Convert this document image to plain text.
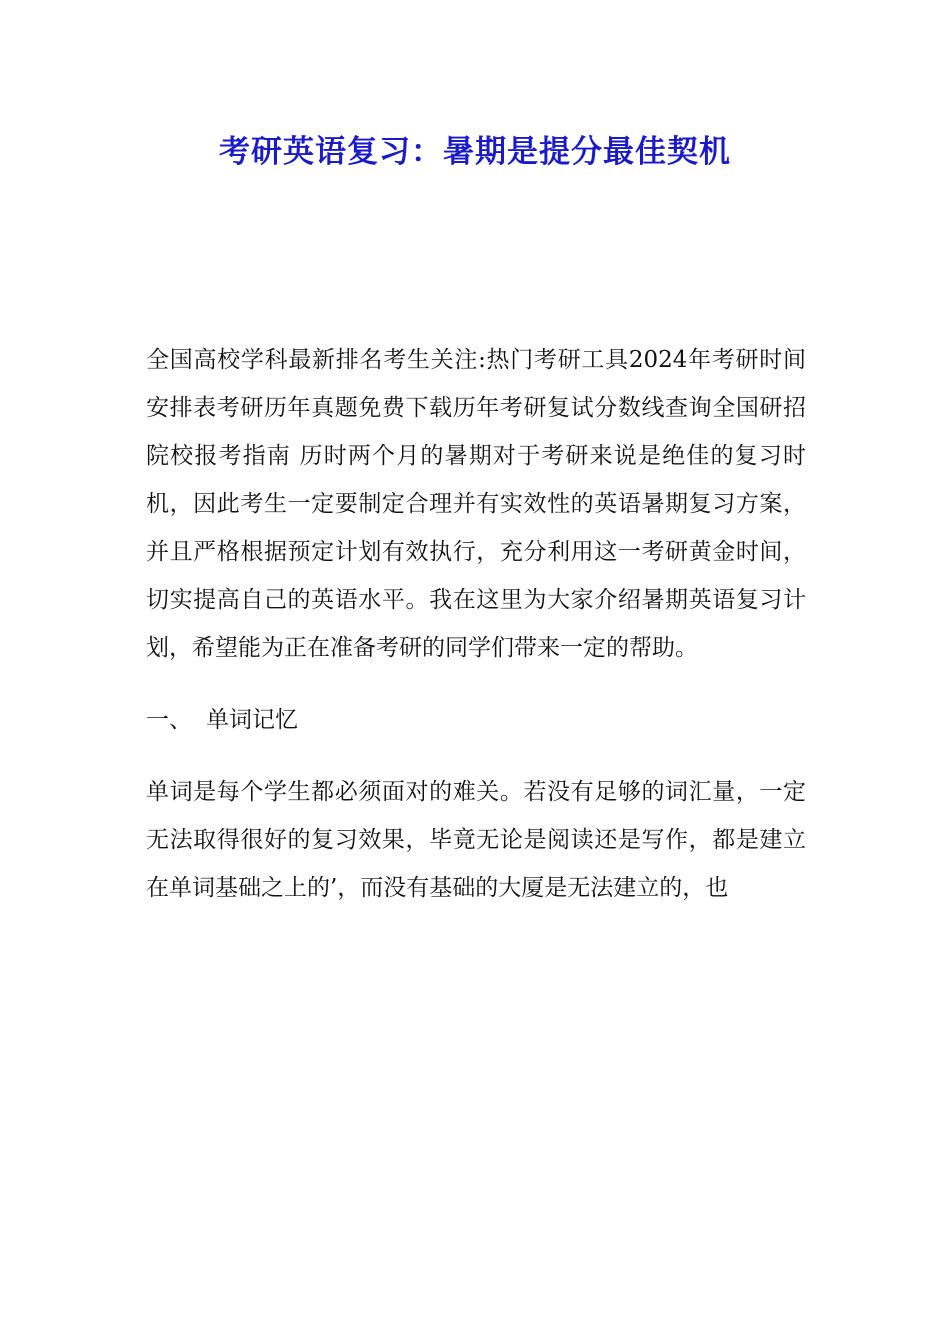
考研英语复习：暑期是提分最佳契机

全国高校学科最新排名考生关注:热门考研工具2024年考研时间安排表考研历年真题免费下载历年考研复试分数线查询全国研招院校报考指南 历时两个月的暑期对于考研来说是绝佳的复习时机，因此考生一定要制定合理并有实效性的英语暑期复习方案，并且严格根据预定计划有效执行，充分利用这一考研黄金时间，切实提高自己的英语水平。我在这里为大家介绍暑期英语复习计划，希望能为正在准备考研的同学们带来一定的帮助。

一、 单词记忆

单词是每个学生都必须面对的难关。若没有足够的词汇量，一定无法取得很好的复习效果，毕竟无论是阅读还是写作，都是建立在单词基础之上的’，而没有基础的大厦是无法建立的，也
